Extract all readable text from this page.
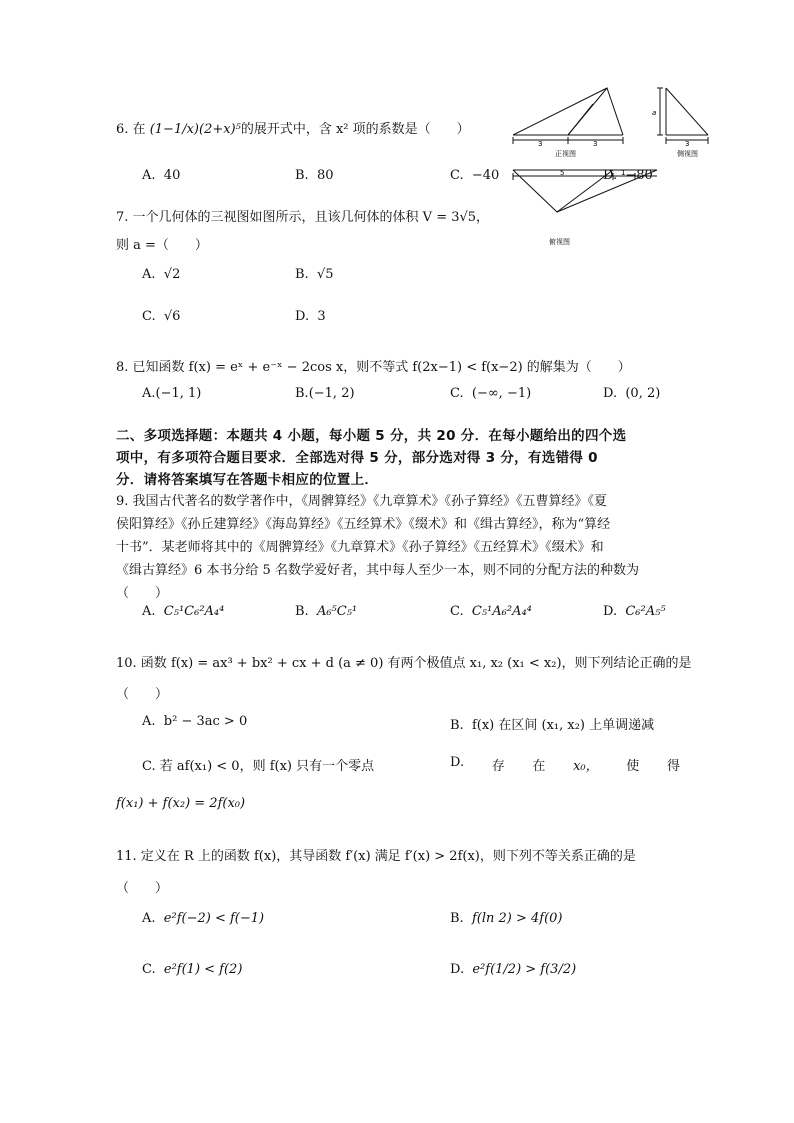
3	3
正视图
a
3
侧视图
5	1
俯视图
6. 在 (1−1/x)(2+x)⁵的展开式中，含 x² 项的系数是（　　）
A. 40	B. 80	C. −40	D. −80
7. 一个几何体的三视图如图所示，且该几何体的体积 V = 3√5，
则 a =（　　）
A. √2	B. √5
C. √6	D. 3
8. 已知函数 f(x) = eˣ + e⁻ˣ − 2cos x，则不等式 f(2x−1) < f(x−2) 的解集为（　　）
A.(−1, 1)	B.(−1, 2)	C. (−∞, −1)	D. (0, 2)
二、多项选择题：本题共 4 小题，每小题 5 分，共 20 分．在每小题给出的四个选
项中，有多项符合题目要求．全部选对得 5 分，部分选对得 3 分，有选错得 0
分．请将答案填写在答题卡相应的位置上．
9. 我国古代著名的数学著作中，《周髀算经》《九章算术》《孙子算经》《五曹算经》《夏
侯阳算经》《孙丘建算经》《海岛算经》《五经算术》《缀术》和《缉古算经》，称为“算经
十书”．某老师将其中的《周髀算经》《九章算术》《孙子算经》《五经算术》《缀术》和
《缉古算经》6 本书分给 5 名数学爱好者，其中每人至少一本，则不同的分配方法的种数为
（　　）
A. C₅¹C₆²A₄⁴	B. A₆⁵C₅¹	C. C₅¹A₆²A₄⁴	D. C₆²A₅⁵
10. 函数 f(x) = ax³ + bx² + cx + d (a ≠ 0) 有两个极值点 x₁, x₂ (x₁ < x₂)，则下列结论正确的是
（　　）
A. b² − 3ac > 0	B. f(x) 在区间 (x₁, x₂) 上单调递减
C. 若 af(x₁) < 0，则 f(x) 只有一个零点	D. 存 在 x₀， 使 得
f(x₁) + f(x₂) = 2f(x₀)
11. 定义在 R 上的函数 f(x)，其导函数 f′(x) 满足 f′(x) > 2f(x)，则下列不等关系正确的是
（　　）
A. e²f(−2) < f(−1)	B. f(ln 2) > 4f(0)
C. e²f(1) < f(2)	D. e²f(1/2) > f(3/2)
